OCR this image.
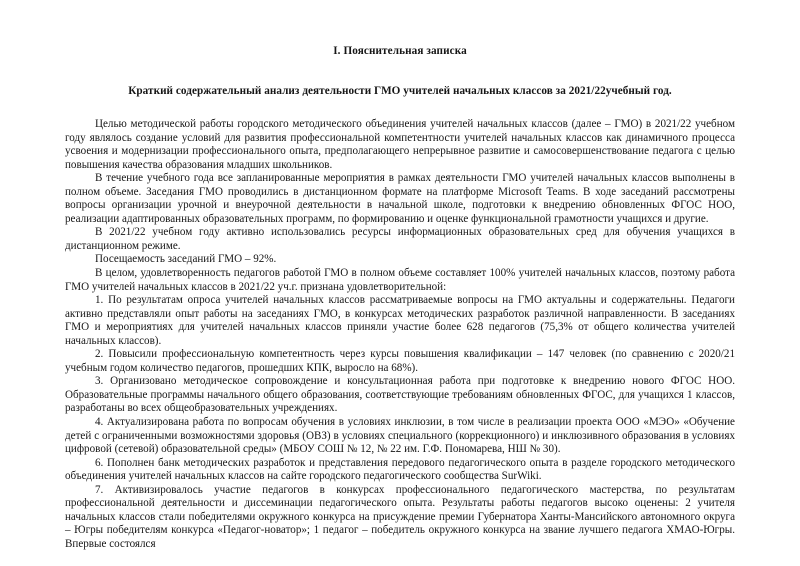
I. Пояснительная записка
Краткий содержательный анализ деятельности ГМО учителей начальных классов за 2021/22учебный год.

Целью методической работы городского методического объединения учителей начальных классов (далее – ГМО) в 2021/22 учебном году являлось создание условий для развития профессиональной компетентности учителей начальных классов как динамичного процесса усвоения и модернизации профессионального опыта, предполагающего непрерывное развитие и самосовершенствование педагога с целью повышения качества образования младших школьников.

В течение учебного года все запланированные мероприятия в рамках деятельности ГМО учителей начальных классов выполнены в полном объеме. Заседания ГМО проводились в дистанционном формате на платформе Microsoft Teams. В ходе заседаний рассмотрены вопросы организации урочной и внеурочной деятельности в начальной школе, подготовки к внедрению обновленных ФГОС НОО, реализации адаптированных образовательных программ, по формированию и оценке функциональной грамотности учащихся и другие.

В 2021/22 учебном году активно использовались ресурсы информационных образовательных сред для обучения учащихся в дистанционном режиме.

Посещаемость заседаний ГМО – 92%.

В целом, удовлетворенность педагогов работой ГМО в полном объеме составляет 100% учителей начальных классов, поэтому работа ГМО учителей начальных классов в 2021/22 уч.г. признана удовлетворительной:

1. По результатам опроса учителей начальных классов рассматриваемые вопросы на ГМО актуальны и содержательны. Педагоги активно представляли опыт работы на заседаниях ГМО, в конкурсах методических разработок различной направленности. В заседаниях ГМО и мероприятиях для учителей начальных классов приняли участие более 628 педагогов (75,3% от общего количества учителей начальных классов).

2. Повысили профессиональную компетентность через курсы повышения квалификации – 147 человек (по сравнению с 2020/21 учебным годом количество педагогов, прошедших КПК, выросло на 68%).

3. Организовано методическое сопровождение и консультационная работа при подготовке к внедрению нового ФГОС НОО. Образовательные программы начального общего образования, соответствующие требованиям обновленных ФГОС, для учащихся 1 классов, разработаны во всех общеобразовательных учреждениях.

4. Актуализирована работа по вопросам обучения в условиях инклюзии, в том числе в реализации проекта ООО «МЭО» «Обучение детей с ограниченными возможностями здоровья (ОВЗ) в условиях специального (коррекционного) и инклюзивного образования в условиях цифровой (сетевой) образовательной среды» (МБОУ СОШ № 12, № 22 им. Г.Ф. Пономарева, НШ № 30).

6. Пополнен банк методических разработок и представления передового педагогического опыта в разделе городского методического объединения учителей начальных классов на сайте городского педагогического сообщества SurWiki.

7. Активизировалось участие педагогов в конкурсах профессионального педагогического мастерства, по результатам профессиональной деятельности и диссеминации педагогического опыта. Результаты работы педагогов высоко оценены: 2 учителя начальных классов стали победителями окружного конкурса на присуждение премии Губернатора Ханты-Мансийского автономного округа – Югры победителям конкурса «Педагог-новатор»; 1 педагог – победитель окружного конкурса на звание лучшего педагога ХМАО-Югры. Впервые состоялся
